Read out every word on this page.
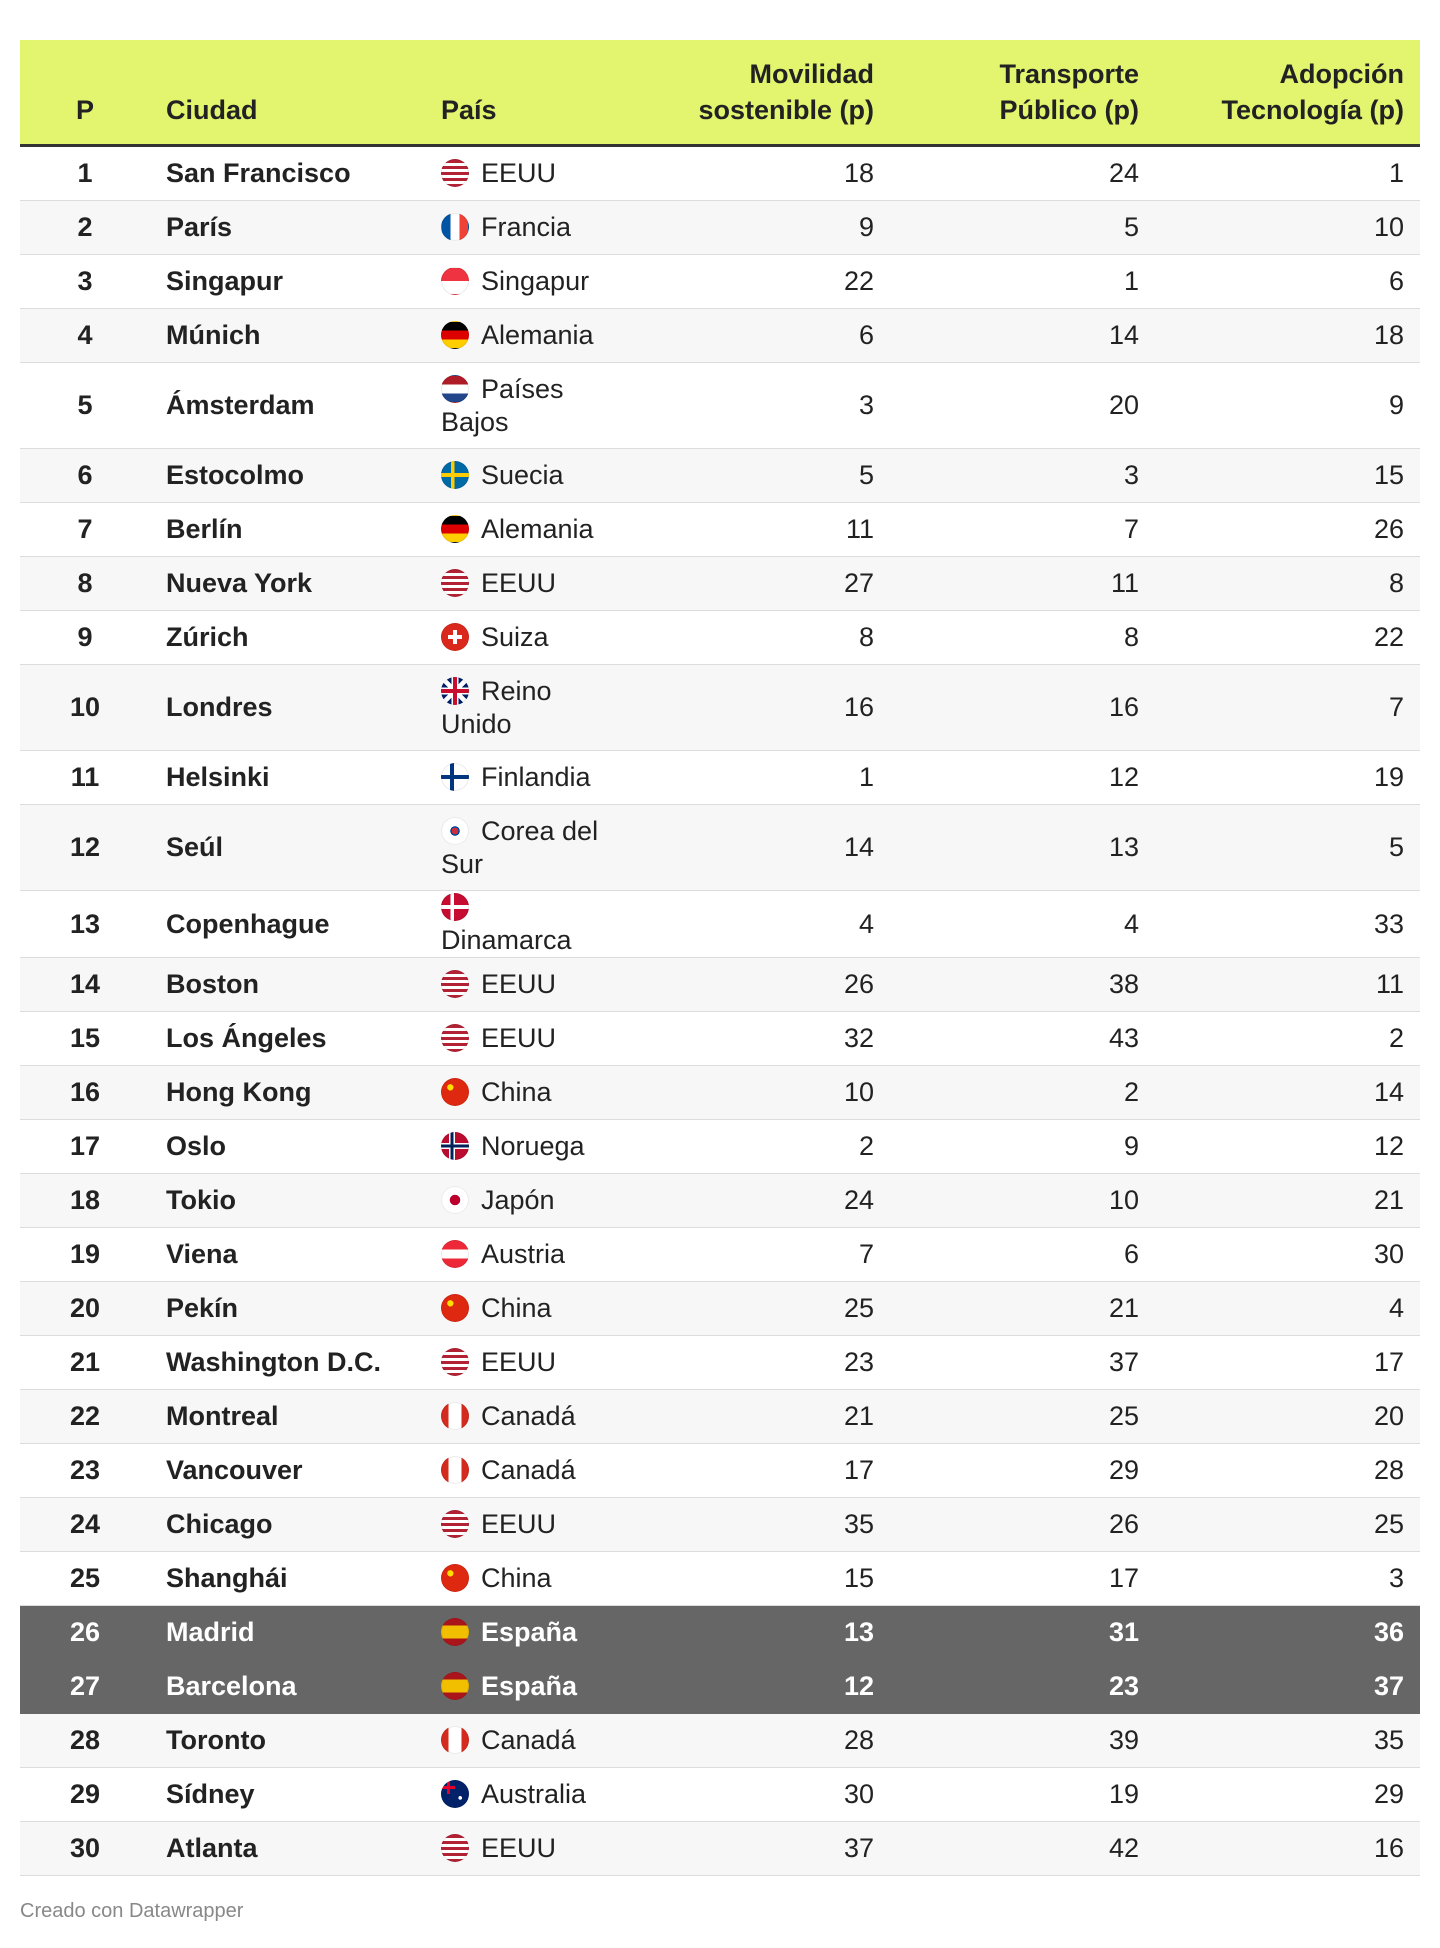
P	Ciudad	País	Movilidad sostenible (p)	Transporte Público (p)	Adopción Tecnología (p)
1	San Francisco	EEUU	18	24	1
2	París	Francia	9	5	10
3	Singapur	Singapur	22	1	6
4	Múnich	Alemania	6	14	18
5	Ámsterdam	Países Bajos	3	20	9
6	Estocolmo	Suecia	5	3	15
7	Berlín	Alemania	11	7	26
8	Nueva York	EEUU	27	11	8
9	Zúrich	Suiza	8	8	22
10	Londres	Reino Unido	16	16	7
11	Helsinki	Finlandia	1	12	19
12	Seúl	Corea del Sur	14	13	5
13	Copenhague	Dinamarca	4	4	33
14	Boston	EEUU	26	38	11
15	Los Ángeles	EEUU	32	43	2
16	Hong Kong	China	10	2	14
17	Oslo	Noruega	2	9	12
18	Tokio	Japón	24	10	21
19	Viena	Austria	7	6	30
20	Pekín	China	25	21	4
21	Washington D.C.	EEUU	23	37	17
22	Montreal	Canadá	21	25	20
23	Vancouver	Canadá	17	29	28
24	Chicago	EEUU	35	26	25
25	Shanghái	China	15	17	3
26	Madrid	España	13	31	36
27	Barcelona	España	12	23	37
28	Toronto	Canadá	28	39	35
29	Sídney	Australia	30	19	29
30	Atlanta	EEUU	37	42	16
Creado con Datawrapper
